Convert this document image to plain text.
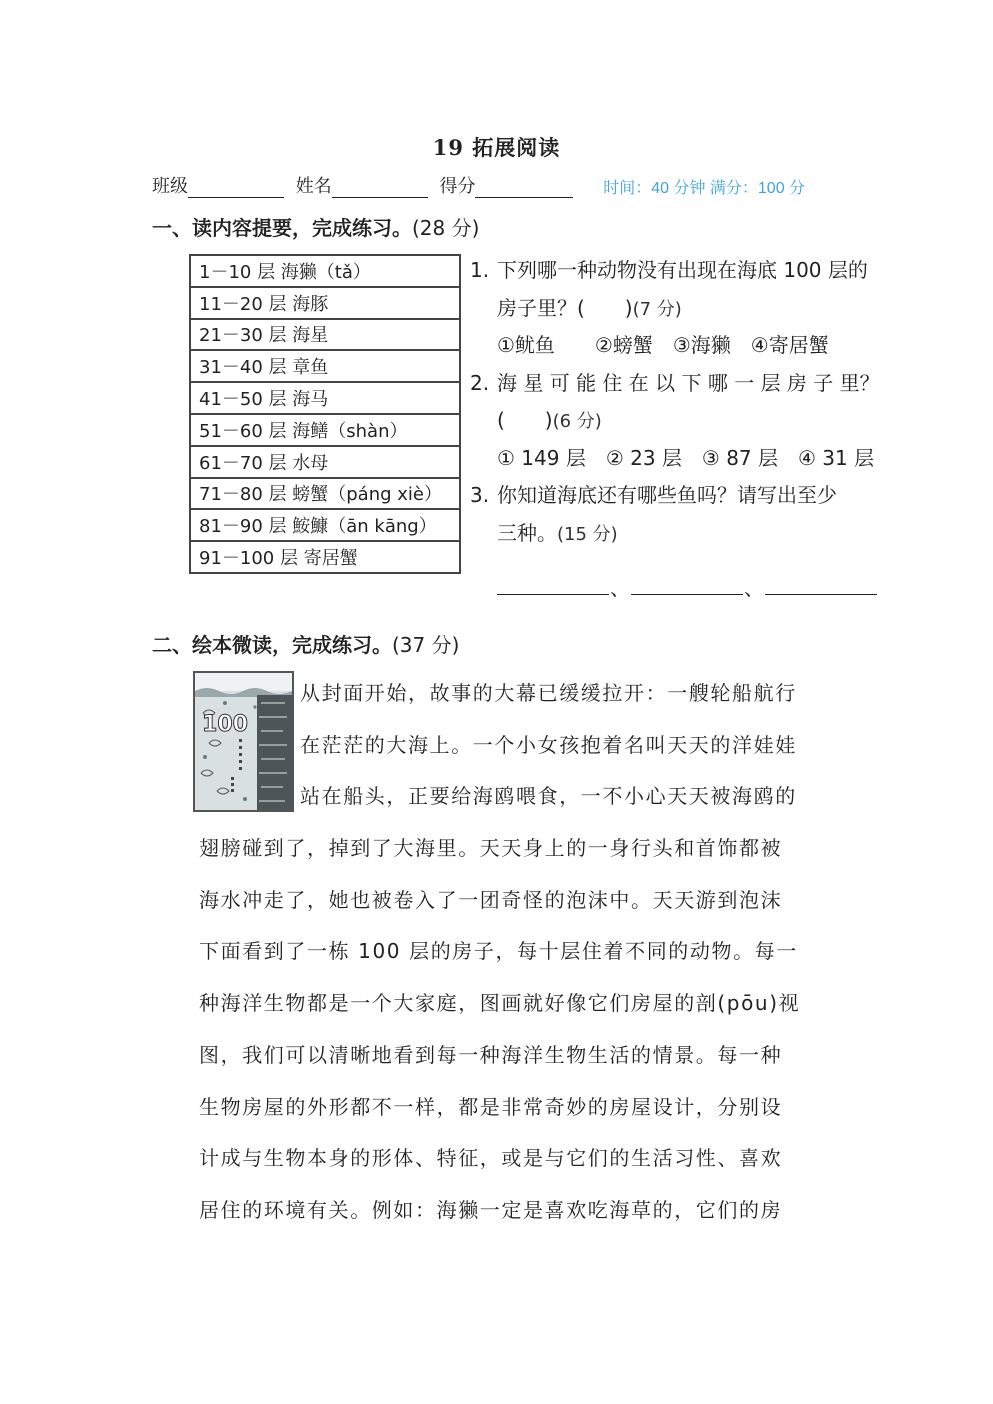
19 拓展阅读
班级	姓名	得分	时间：40 分钟 满分：100 分
一、读内容提要，完成练习。(28 分)
1－10 层 海獭（tǎ）
11－20 层 海豚
21－30 层 海星
31－40 层 章鱼
41－50 层 海马
51－60 层 海鳝（shàn）
61－70 层 水母
71－80 层 螃蟹（páng xiè）
81－90 层 鮟鱇（ān kāng）
91－100 层 寄居蟹
1. 下列哪一种动物没有出现在海底 100 层的
房子里？(　　)(7 分)
①鱿鱼　　②螃蟹　③海獭　④寄居蟹
2. 海 星 可 能 住 在 以 下 哪 一 层 房 子 里？
(　　)(6 分)
① 149 层　② 23 层　③ 87 层　④ 31 层
3. 你知道海底还有哪些鱼吗？请写出至少
三种。(15 分)
、	、
二、绘本微读，完成练习。(37 分)
100
从封面开始，故事的大幕已缓缓拉开：一艘轮船航行
在茫茫的大海上。一个小女孩抱着名叫天天的洋娃娃
站在船头，正要给海鸥喂食，一不小心天天被海鸥的
翅膀碰到了，掉到了大海里。天天身上的一身行头和首饰都被
海水冲走了，她也被卷入了一团奇怪的泡沫中。天天游到泡沫
下面看到了一栋 100 层的房子，每十层住着不同的动物。每一
种海洋生物都是一个大家庭，图画就好像它们房屋的剖(pōu)视
图，我们可以清晰地看到每一种海洋生物生活的情景。每一种
生物房屋的外形都不一样，都是非常奇妙的房屋设计，分别设
计成与生物本身的形体、特征，或是与它们的生活习性、喜欢
居住的环境有关。例如：海獭一定是喜欢吃海草的，它们的房
